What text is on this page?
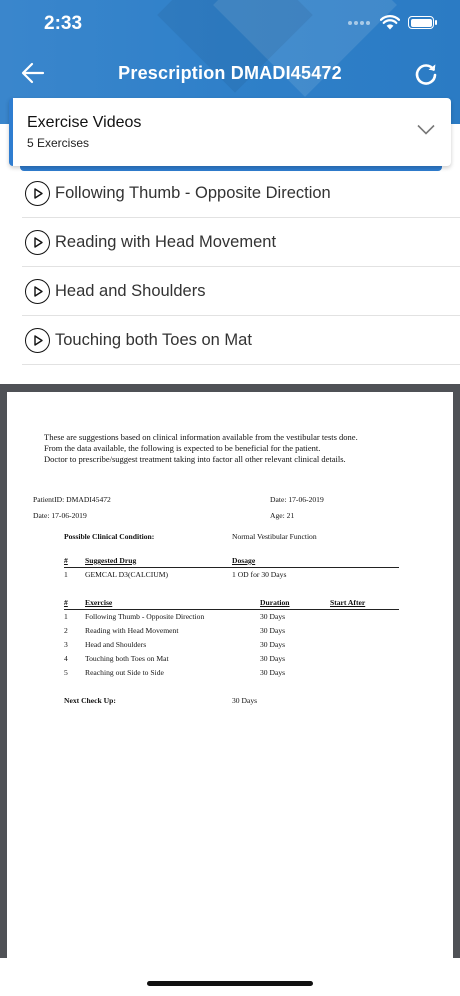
2:33
Prescription DMADI45472
Exercise Videos
5 Exercises
Following Thumb - Opposite Direction
Reading with Head Movement
Head and Shoulders
Touching both Toes on Mat
These are suggestions based on clinical information available from the vestibular tests done.
From the data available, the following is expected to be beneficial for the patient.
Doctor to prescribe/suggest treatment taking into factor all other relevant clinical details.
PatientID: DMADI45472	Date: 17-06-2019
Date: 17-06-2019	Age: 21
Possible Clinical Condition:	Normal Vestibular Function
# Suggested Drug	Dosage
1 GEMCAL D3(CALCIUM)	1 OD for 30 Days
# Exercise	Duration	Start After
1 Following Thumb - Opposite Direction	30 Days
2 Reading with Head Movement	30 Days
3 Head and Shoulders	30 Days
4 Touching both Toes on Mat	30 Days
5 Reaching out Side to Side	30 Days
Next Check Up:	30 Days
